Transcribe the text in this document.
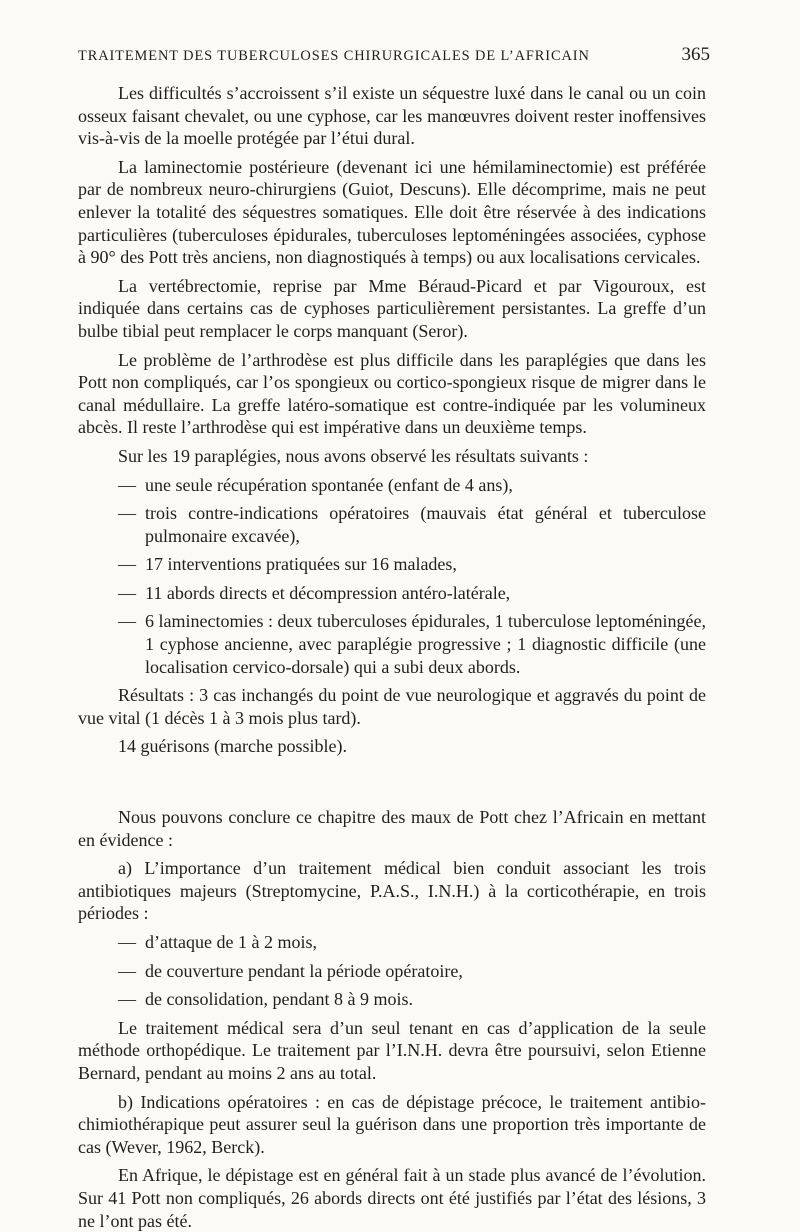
TRAITEMENT DES TUBERCULOSES CHIRURGICALES DE L’AFRICAIN	365

Les difficultés s’accroissent s’il existe un séquestre luxé dans le canal ou un coin osseux faisant chevalet, ou une cyphose, car les manœuvres doivent rester inoffensives vis-à-vis de la moelle protégée par l’étui dural.

La laminectomie postérieure (devenant ici une hémilaminectomie) est préférée par de nombreux neuro-chirurgiens (Guiot, Descuns). Elle décomprime, mais ne peut enlever la totalité des séquestres somatiques. Elle doit être réservée à des indications particulières (tuberculoses épidurales, tuberculoses leptoméningées associées, cyphose à 90° des Pott très anciens, non diagnostiqués à temps) ou aux localisations cervicales.

La vertébrectomie, reprise par Mme Béraud-Picard et par Vigouroux, est indiquée dans certains cas de cyphoses particulièrement persistantes. La greffe d’un bulbe tibial peut remplacer le corps manquant (Seror).

Le problème de l’arthrodèse est plus difficile dans les paraplégies que dans les Pott non compliqués, car l’os spongieux ou cortico-spongieux risque de migrer dans le canal médullaire. La greffe latéro-somatique est contre-indiquée par les volumineux abcès. Il reste l’arthrodèse qui est impérative dans un deuxième temps.

Sur les 19 paraplégies, nous avons observé les résultats suivants :

— une seule récupération spontanée (enfant de 4 ans),

— trois contre-indications opératoires (mauvais état général et tuberculose pulmonaire excavée),

— 17 interventions pratiquées sur 16 malades,

— 11 abords directs et décompression antéro-latérale,

— 6 laminectomies : deux tuberculoses épidurales, 1 tuberculose leptoméningée, 1 cyphose ancienne, avec paraplégie progressive ; 1 diagnostic difficile (une localisation cervico-dorsale) qui a subi deux abords.

Résultats : 3 cas inchangés du point de vue neurologique et aggravés du point de vue vital (1 décès 1 à 3 mois plus tard).

14 guérisons (marche possible).

Nous pouvons conclure ce chapitre des maux de Pott chez l’Africain en mettant en évidence :

a) L’importance d’un traitement médical bien conduit associant les trois antibiotiques majeurs (Streptomycine, P.A.S., I.N.H.) à la corticothérapie, en trois périodes :

— d’attaque de 1 à 2 mois,

— de couverture pendant la période opératoire,

— de consolidation, pendant 8 à 9 mois.

Le traitement médical sera d’un seul tenant en cas d’application de la seule méthode orthopédique. Le traitement par l’I.N.H. devra être poursuivi, selon Etienne Bernard, pendant au moins 2 ans au total.

b) Indications opératoires : en cas de dépistage précoce, le traitement antibio-chimiothérapique peut assurer seul la guérison dans une proportion très importante de cas (Wever, 1962, Berck).

En Afrique, le dépistage est en général fait à un stade plus avancé de l’évolution. Sur 41 Pott non compliqués, 26 abords directs ont été justifiés par l’état des lésions, 3 ne l’ont pas été.
